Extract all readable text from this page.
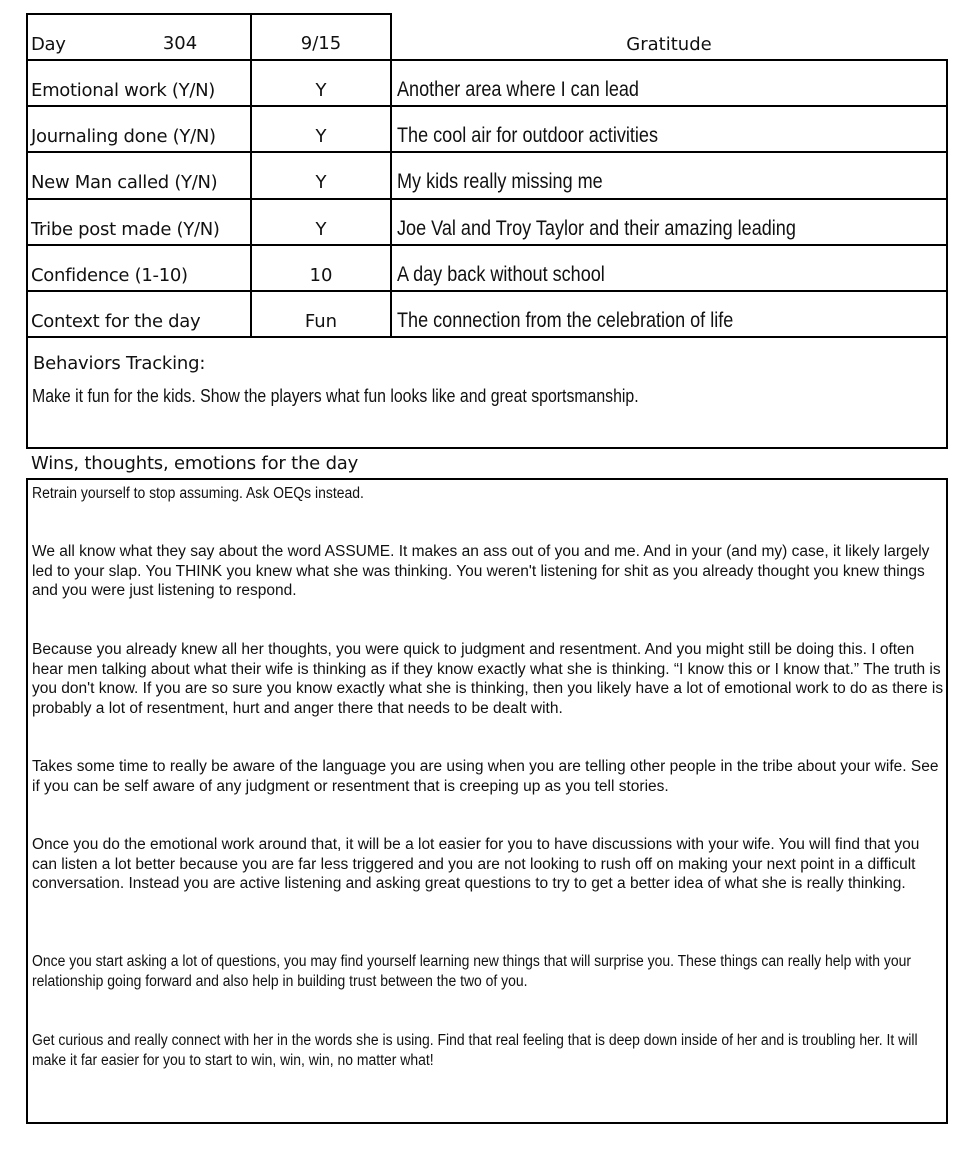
Day	304	9/15	Gratitude
Emotional work (Y/N)	Y	Another area where I can lead
Journaling done (Y/N)	Y	The cool air for outdoor activities
New Man called (Y/N)	Y	My kids really missing me
Tribe post made (Y/N)	Y	Joe Val and Troy Taylor and their amazing leading
Confidence (1-10)	10	A day back without school
Context for the day	Fun	The connection from the celebration of life
Behaviors Tracking:
Make it fun for the kids. Show the players what fun looks like and great sportsmanship.
Wins, thoughts, emotions for the day
Retrain yourself to stop assuming. Ask OEQs instead.
We all know what they say about the word ASSUME. It makes an ass out of you and me. And in your (and my) case, it likely largely led to your slap. You THINK you knew what she was thinking. You weren't listening for shit as you already thought you knew things and you were just listening to respond.
Because you already knew all her thoughts, you were quick to judgment and resentment. And you might still be doing this. I often hear men talking about what their wife is thinking as if they know exactly what she is thinking. “I know this or I know that.” The truth is you don't know. If you are so sure you know exactly what she is thinking, then you likely have a lot of emotional work to do as there is probably a lot of resentment, hurt and anger there that needs to be dealt with.
Takes some time to really be aware of the language you are using when you are telling other people in the tribe about your wife. See if you can be self aware of any judgment or resentment that is creeping up as you tell stories.
Once you do the emotional work around that, it will be a lot easier for you to have discussions with your wife. You will find that you can listen a lot better because you are far less triggered and you are not looking to rush off on making your next point in a difficult conversation. Instead you are active listening and asking great questions to try to get a better idea of what she is really thinking.
Once you start asking a lot of questions, you may find yourself learning new things that will surprise you. These things can really help with your relationship going forward and also help in building trust between the two of you.
Get curious and really connect with her in the words she is using. Find that real feeling that is deep down inside of her and is troubling her. It will make it far easier for you to start to win, win, win, no matter what!
